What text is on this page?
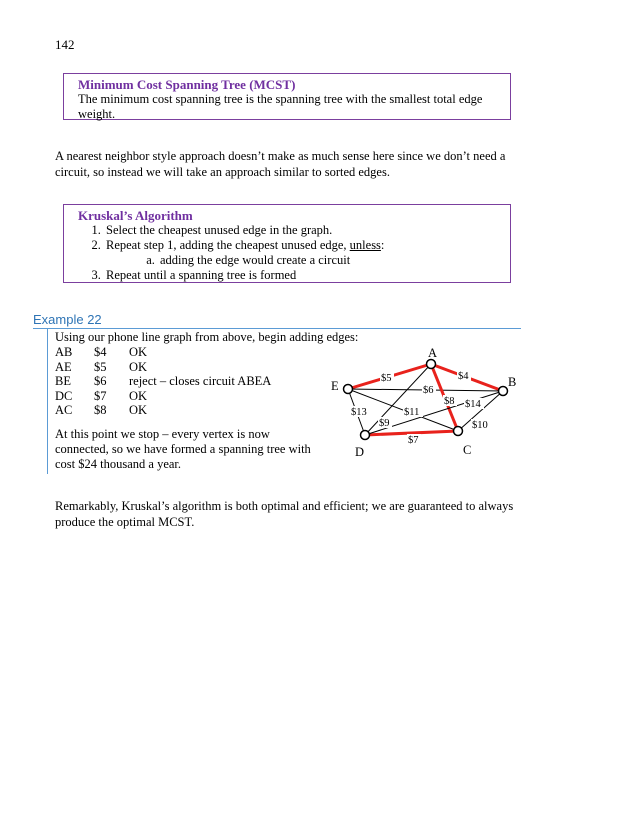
142
Minimum Cost Spanning Tree (MCST)
The minimum cost spanning tree is the spanning tree with the smallest total edge weight.
A nearest neighbor style approach doesn’t make as much sense here since we don’t need a circuit, so instead we will take an approach similar to sorted edges.
Kruskal’s Algorithm
1. Select the cheapest unused edge in the graph.
2. Repeat step 1, adding the cheapest unused edge, unless:
a. adding the edge would create a circuit
3. Repeat until a spanning tree is formed
Example 22
Using our phone line graph from above, begin adding edges:
AB	$4	OK
AE	$5	OK
BE	$6	reject – closes circuit ABEA
DC	$7	OK
AC	$8	OK
At this point we stop – every vertex is now connected, so we have formed a spanning tree with cost $24 thousand a year.
A
B
C
D
E
$4
$5
$6
$7
$8
$9	$10
$11
$13
$14
Remarkably, Kruskal’s algorithm is both optimal and efficient; we are guaranteed to always produce the optimal MCST.
